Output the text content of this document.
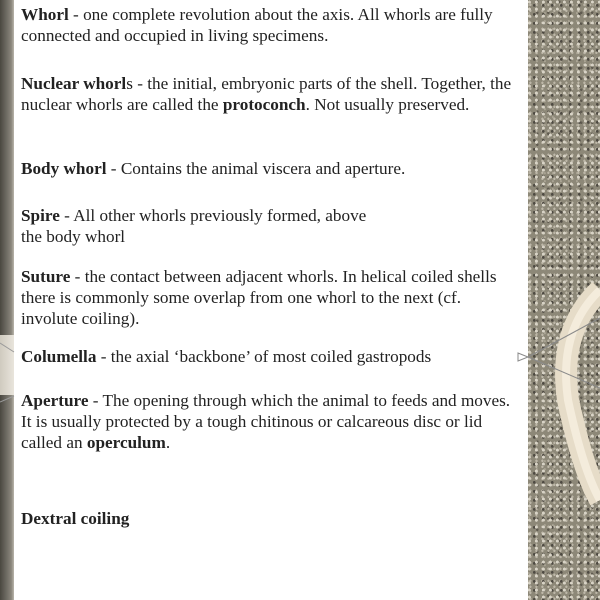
Whorl - one complete revolution about the axis. All whorls are fully connected and occupied in living specimens.

Nuclear whorls - the initial, embryonic parts of the shell. Together, the nuclear whorls are called the protoconch. Not usually preserved.

Body whorl - Contains the animal viscera and aperture.

Spire - All other whorls previously formed, above
the body whorl

Suture - the contact between adjacent whorls. In helical coiled shells there is commonly some overlap from one whorl to the next (cf. involute coiling).

Columella - the axial ‘backbone’ of most coiled gastropods

Aperture - The opening through which the animal to feeds and moves. It is usually protected by a tough chitinous or calcareous disc or lid called an operculum.

Dextral coiling
